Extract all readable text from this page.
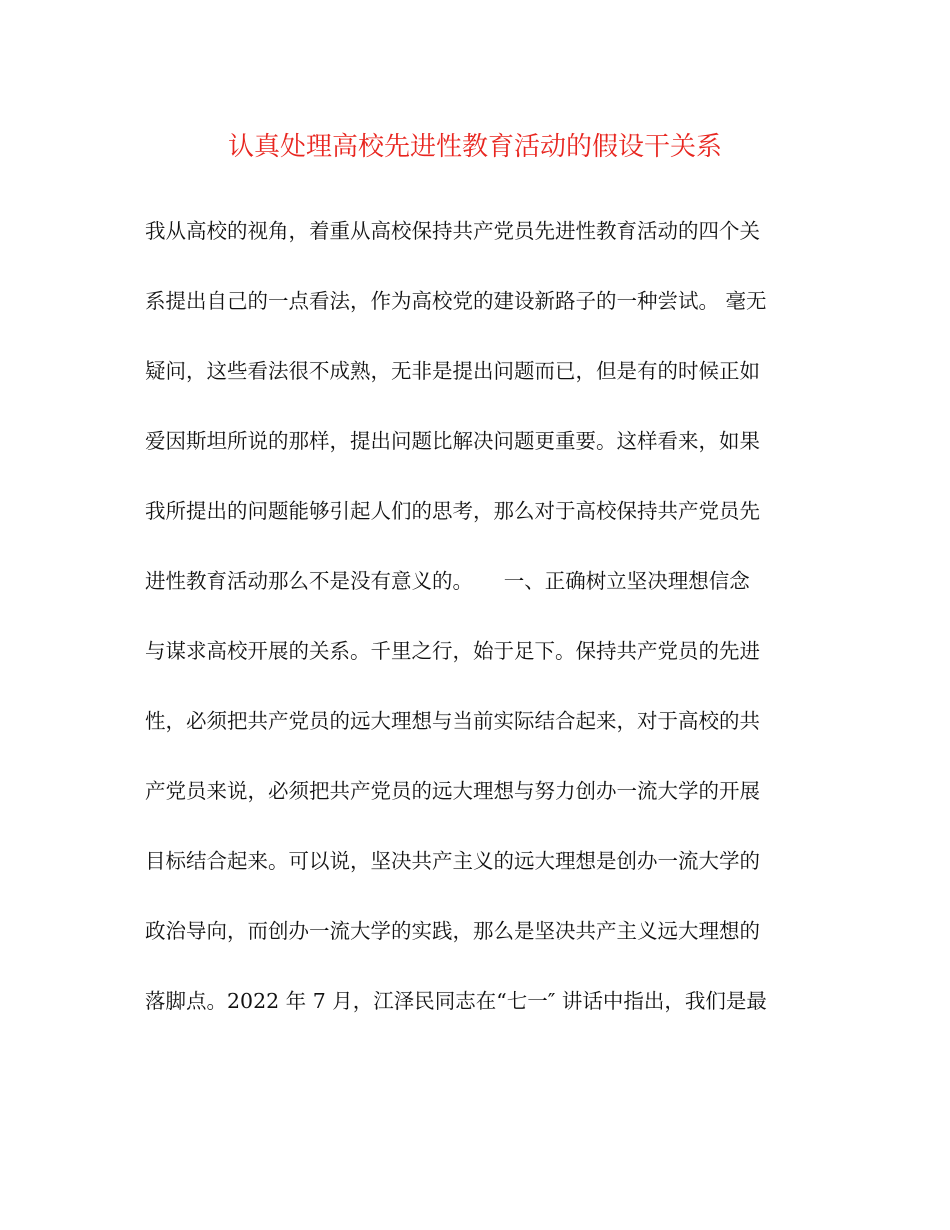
认真处理高校先进性教育活动的假设干关系

我从高校的视角，着重从高校保持共产党员先进性教育活动的四个关

系提出自己的一点看法，作为高校党的建设新路子的一种尝试。 毫无

疑问，这些看法很不成熟，无非是提出问题而已，但是有的时候正如

爱因斯坦所说的那样，提出问题比解决问题更重要。这样看来，如果

我所提出的问题能够引起人们的思考，那么对于高校保持共产党员先

进性教育活动那么不是没有意义的。　　一、正确树立坚决理想信念

与谋求高校开展的关系。千里之行，始于足下。保持共产党员的先进

性，必须把共产党员的远大理想与当前实际结合起来，对于高校的共

产党员来说，必须把共产党员的远大理想与努力创办一流大学的开展

目标结合起来。可以说，坚决共产主义的远大理想是创办一流大学的

政治导向，而创办一流大学的实践，那么是坚决共产主义远大理想的

落脚点。2022 年 7 月，江泽民同志在“七一″ 讲话中指出，我们是最
